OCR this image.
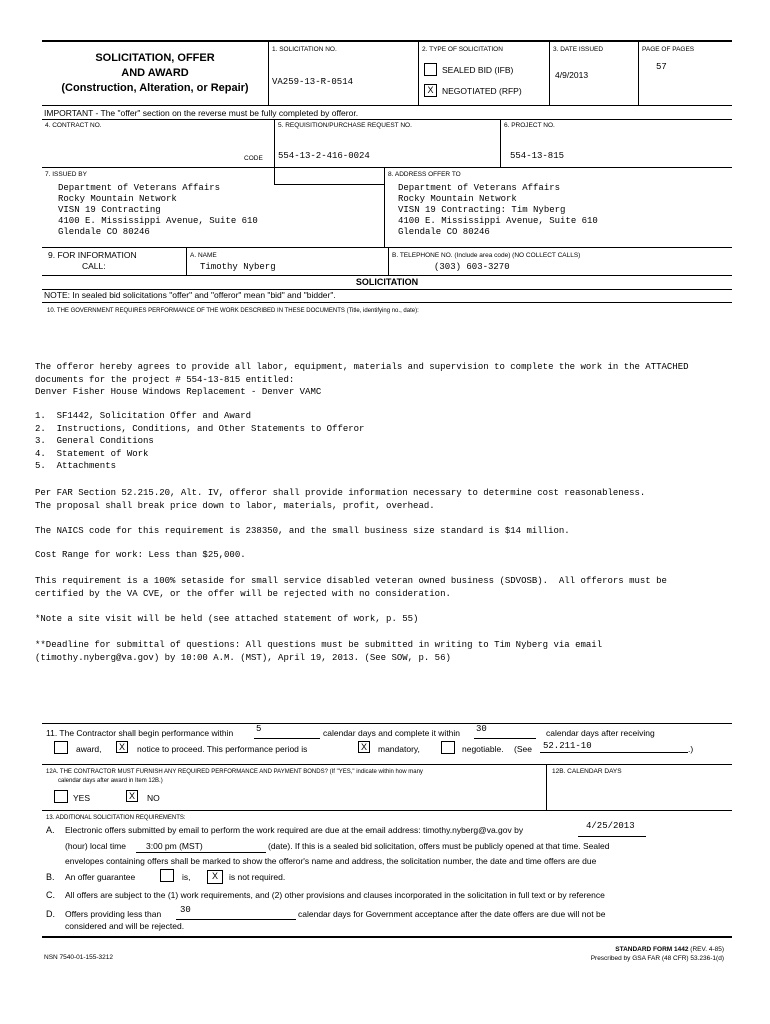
SOLICITATION, OFFER
AND AWARD
(Construction, Alteration, or Repair)
1. SOLICITATION NO.
VA259-13-R-0514
2. TYPE OF SOLICITATION
SEALED BID (IFB)
X	NEGOTIATED (RFP)
3. DATE ISSUED
4/9/2013
PAGE OF PAGES
57
IMPORTANT - The "offer" section on the reverse must be fully completed by offeror.
4. CONTRACT NO.
CODE
5. REQUISITION/PURCHASE REQUEST NO.
554-13-2-416-0024
6. PROJECT NO.
554-13-815
7. ISSUED BY
Department of Veterans Affairs
Rocky Mountain Network
VISN 19 Contracting
4100 E. Mississippi Avenue, Suite 610
Glendale CO 80246
8. ADDRESS OFFER TO
Department of Veterans Affairs
Rocky Mountain Network
VISN 19 Contracting: Tim Nyberg
4100 E. Mississippi Avenue, Suite 610
Glendale CO 80246
9. FOR INFORMATION
CALL:
A. NAME
Timothy Nyberg
B. TELEPHONE NO. (Include area code) (NO COLLECT CALLS)
(303) 603-3270
SOLICITATION
NOTE: In sealed bid solicitations "offer" and "offeror" mean "bid" and "bidder".
10. THE GOVERNMENT REQUIRES PERFORMANCE OF THE WORK DESCRIBED IN THESE DOCUMENTS (Title, identifying no., date):
The offeror hereby agrees to provide all labor, equipment, materials and supervision to complete the work in the ATTACHED
documents for the project # 554-13-815 entitled:
Denver Fisher House Windows Replacement - Denver VAMC
1.  SF1442, Solicitation Offer and Award
2.  Instructions, Conditions, and Other Statements to Offeror
3.  General Conditions
4.  Statement of Work
5.  Attachments
Per FAR Section 52.215.20, Alt. IV, offeror shall provide information necessary to determine cost reasonableness.
The proposal shall break price down to labor, materials, profit, overhead.
The NAICS code for this requirement is 238350, and the small business size standard is $14 million.
Cost Range for work: Less than $25,000.
This requirement is a 100% setaside for small service disabled veteran owned business (SDVOSB).  All offerors must be
certified by the VA CVE, or the offer will be rejected with no consideration.
*Note a site visit will be held (see attached statement of work, p. 55)
**Deadline for submittal of questions: All questions must be submitted in writing to Tim Nyberg via email
(timothy.nyberg@va.gov) by 10:00 A.M. (MST), April 19, 2013. (See SOW, p. 56)
11. The Contractor shall begin performance within	5	calendar days and complete it within 30	calendar days after receiving
award,	X	notice to proceed. This performance period is	X	mandatory,	negotiable. (See 52.211-10	.)
12A. THE CONTRACTOR MUST FURNISH ANY REQUIRED PERFORMANCE AND PAYMENT BONDS? (If "YES," indicate within how many
calendar days after award in Item 12B.)
YES	X	NO
12B. CALENDAR DAYS
13. ADDITIONAL SOLICITATION REQUIREMENTS:
A. Electronic offers submitted by email to perform the work required are due at the email address: timothy.nyberg@va.gov by	4/25/2013
(hour) local time 3:00 pm (MST)	(date). If this is a sealed bid solicitation, offers must be publicly opened at that time. Sealed
envelopes containing offers shall be marked to show the offeror's name and address, the solicitation number, the date and time offers are due
B. An offer guarantee	is,	X	is not required.
C. All offers are subject to the (1) work requirements, and (2) other provisions and clauses incorporated in the solicitation in full text or by reference
D. Offers providing less than 30	calendar days for Government acceptance after the date offers are due will not be
considered and will be rejected.
NSN 7540-01-155-3212
STANDARD FORM 1442 (REV. 4-85)
Prescribed by GSA FAR (48 CFR) 53.236-1(d)
